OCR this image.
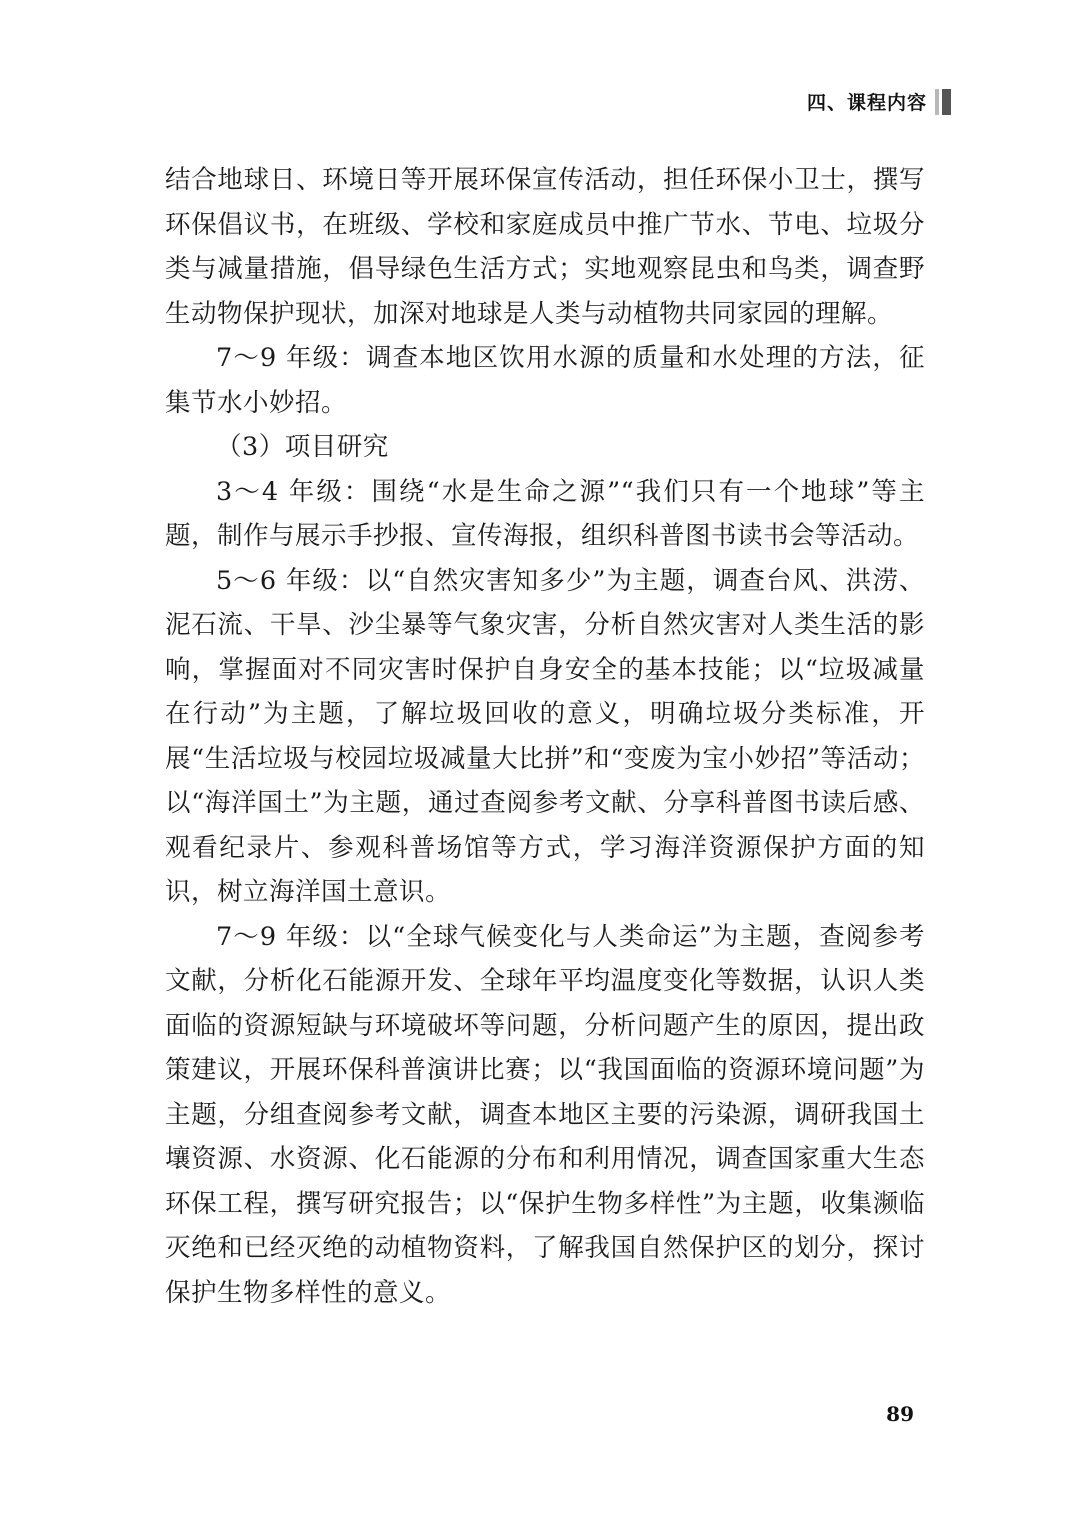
四、课程内容

结合地球日、环境日等开展环保宣传活动，担任环保小卫士，撰写环保倡议书，在班级、学校和家庭成员中推广节水、节电、垃圾分类与减量措施，倡导绿色生活方式；实地观察昆虫和鸟类，调查野生动物保护现状，加深对地球是人类与动植物共同家园的理解。

7～9 年级：调查本地区饮用水源的质量和水处理的方法，征集节水小妙招。

（3）项目研究

3～4 年级：围绕“水是生命之源”“我们只有一个地球”等主题，制作与展示手抄报、宣传海报，组织科普图书读书会等活动。

5～6 年级：以“自然灾害知多少”为主题，调查台风、洪涝、泥石流、干旱、沙尘暴等气象灾害，分析自然灾害对人类生活的影响，掌握面对不同灾害时保护自身安全的基本技能；以“垃圾减量在行动”为主题，了解垃圾回收的意义，明确垃圾分类标准，开展“生活垃圾与校园垃圾减量大比拼”和“变废为宝小妙招”等活动；以“海洋国土”为主题，通过查阅参考文献、分享科普图书读后感、观看纪录片、参观科普场馆等方式，学习海洋资源保护方面的知识，树立海洋国土意识。

7～9 年级：以“全球气候变化与人类命运”为主题，查阅参考文献，分析化石能源开发、全球年平均温度变化等数据，认识人类面临的资源短缺与环境破坏等问题，分析问题产生的原因，提出政策建议，开展环保科普演讲比赛；以“我国面临的资源环境问题”为主题，分组查阅参考文献，调查本地区主要的污染源，调研我国土壤资源、水资源、化石能源的分布和利用情况，调查国家重大生态环保工程，撰写研究报告；以“保护生物多样性”为主题，收集濒临灭绝和已经灭绝的动植物资料，了解我国自然保护区的划分，探讨保护生物多样性的意义。

89
